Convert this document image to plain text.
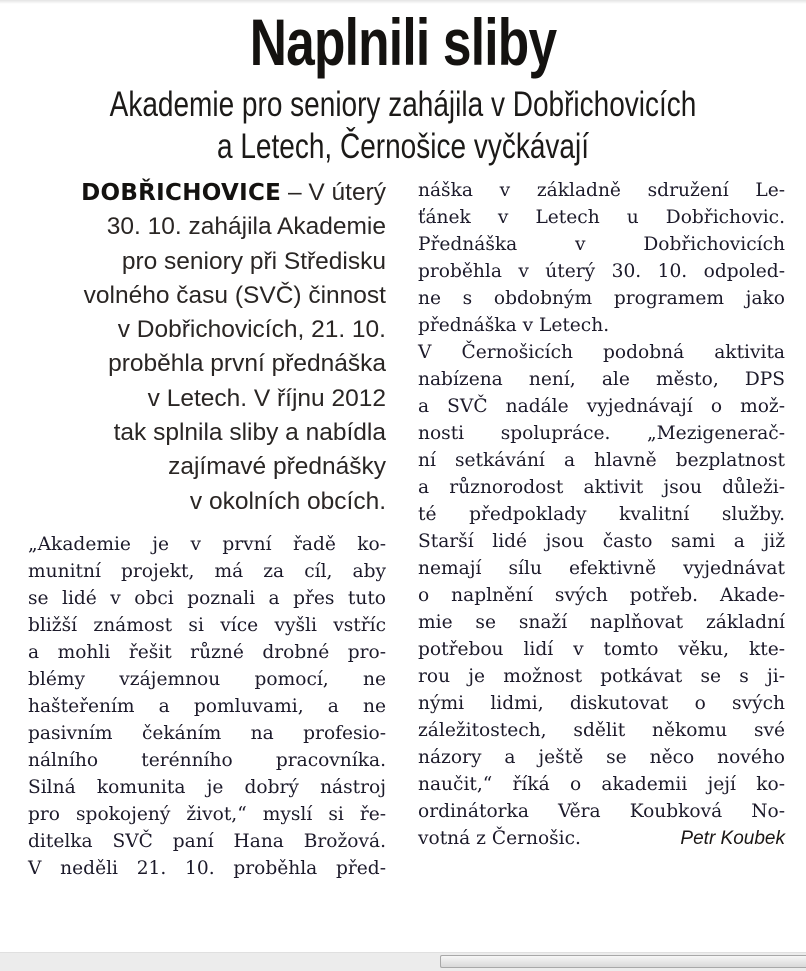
Naplnili sliby
Akademie pro seniory zahájila v Dobřichovicích
a Letech, Černošice vyčkávají
DOBŘICHOVICE – V úterý
30. 10. zahájila Akademie
pro seniory při Středisku
volného času (SVČ) činnost
v Dobřichovicích, 21. 10.
proběhla první přednáška
v Letech. V říjnu 2012
tak splnila sliby a nabídla
zajímavé přednášky
v okolních obcích.
„Akademie je v první řadě ko-
munitní projekt, má za cíl, aby
se lidé v obci poznali a přes tuto
bližší známost si více vyšli vstříc
a mohli řešit různé drobné pro-
blémy vzájemnou pomocí, ne
hašteřením a pomluvami, a ne
pasivním čekáním na profesio-
nálního terénního pracovníka.
Silná komunita je dobrý nástroj
pro spokojený život,“ myslí si ře-
ditelka SVČ paní Hana Brožová.
V neděli 21. 10. proběhla před-
náška v základně sdružení Le-
ťánek v Letech u Dobřichovic.
Přednáška v Dobřichovicích
proběhla v úterý 30. 10. odpoled-
ne s obdobným programem jako
přednáška v Letech.
V Černošicích podobná aktivita
nabízena není, ale město, DPS
a SVČ nadále vyjednávají o mož-
nosti spolupráce. „Mezigenerač-
ní setkávání a hlavně bezplatnost
a různorodost aktivit jsou důleži-
té předpoklady kvalitní služby.
Starší lidé jsou často sami a již
nemají sílu efektivně vyjednávat
o naplnění svých potřeb. Akade-
mie se snaží naplňovat základní
potřebou lidí v tomto věku, kte-
rou je možnost potkávat se s ji-
nými lidmi, diskutovat o svých
záležitostech, sdělit někomu své
názory a ještě se něco nového
naučit,“ říká o akademii její ko-
ordinátorka Věra Koubková No-
votná z Černošic.	Petr Koubek
